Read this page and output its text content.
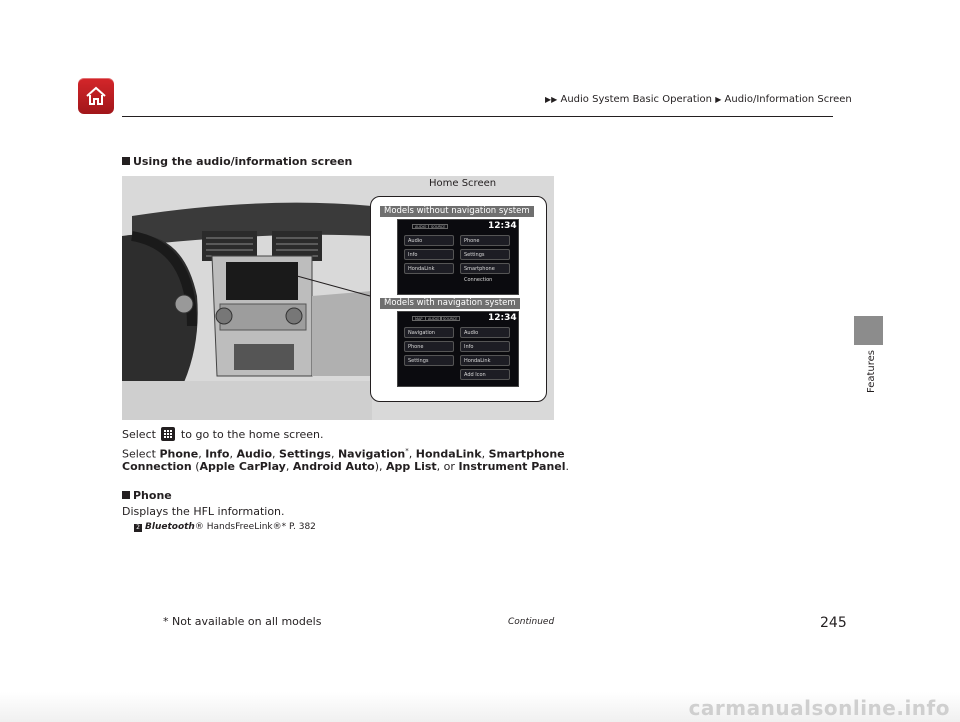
▶▶ Audio System Basic Operation ▶ Audio/Information Screen
Features
Using the audio/information screen
Home Screen
Models without navigation system
AUDIO	SOURCE	12:34
Audio	Phone
Info	Settings
HondaLink	Smartphone Connection
Models with navigation system
MAP	AUDIO	SOURCE	12:34
Navigation	Audio
Phone	Info
Settings	HondaLink
Add Icon
Select
to go to the home screen.
Select Phone, Info, Audio, Settings, Navigation*, HondaLink, Smartphone
Connection (Apple CarPlay, Android Auto), App List, or Instrument Panel.
Phone
Displays the HFL information.
2 Bluetooth® HandsFreeLink®* P. 382
* Not available on all models	Continued	245
carmanualsonline.info
